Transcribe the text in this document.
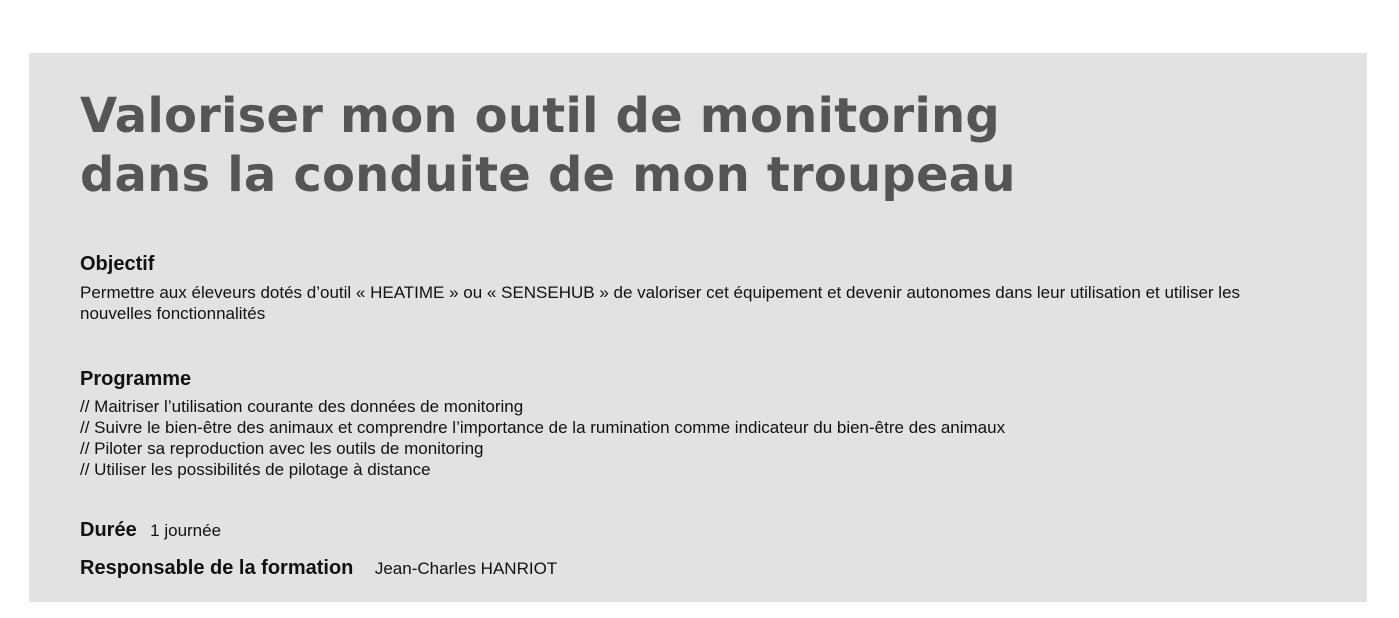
Valoriser mon outil de monitoring
dans la conduite de mon troupeau
Objectif

Permettre aux éleveurs dotés d’outil « HEATIME » ou « SENSEHUB » de valoriser cet équipement et devenir autonomes dans leur utilisation et utiliser les nouvelles fonctionnalités

Programme
// Maitriser l’utilisation courante des données de monitoring
// Suivre le bien-être des animaux et comprendre l’importance de la rumination comme indicateur du bien-être des animaux
// Piloter sa reproduction avec les outils de monitoring
// Utiliser les possibilités de pilotage à distance
Durée 1 journée
Responsable de la formation Jean-Charles HANRIOT
